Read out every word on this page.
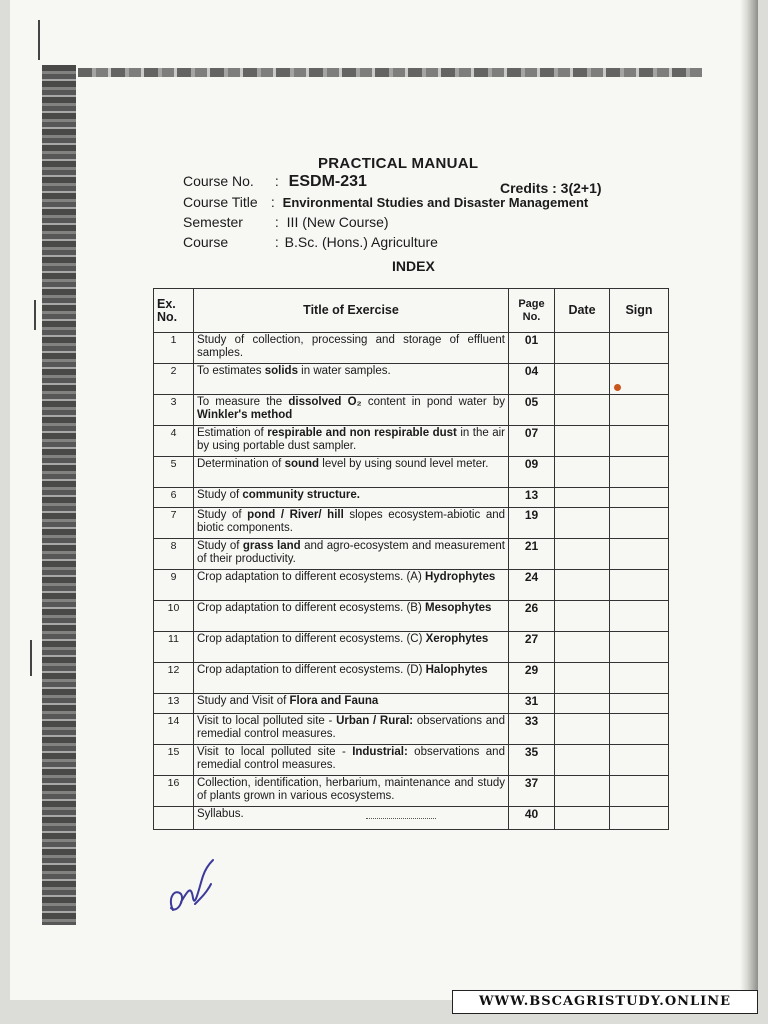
PRACTICAL MANUAL
Course No. : ESDM-231	Credits : 3(2+1)
Course Title : Environmental Studies and Disaster Management
Semester : III (New Course)
Course	: B.Sc. (Hons.) Agriculture
INDEX
Ex. No.	Title of Exercise	Page No.	Date	Sign
1	Study of collection, processing and storage of effluent samples.	01		
2	To estimates solids in water samples.	04		
3	To measure the dissolved O₂ content in pond water by Winkler's method	05		
4	Estimation of respirable and non respirable dust in the air by using portable dust sampler.	07		
5	Determination of sound level by using sound level meter.	09		
6	Study of community structure.	13		
7	Study of pond / River/ hill slopes ecosystem-abiotic and biotic components.	19		
8	Study of grass land and agro-ecosystem and measurement of their productivity.	21		
9	Crop adaptation to different ecosystems. (A) Hydrophytes	24		
10	Crop adaptation to different ecosystems. (B) Mesophytes	26		
11	Crop adaptation to different ecosystems. (C) Xerophytes	27		
12	Crop adaptation to different ecosystems. (D) Halophytes	29		
13	Study and Visit of Flora and Fauna	31		
14	Visit to local polluted site - Urban / Rural: observations and remedial control measures.	33		
15	Visit to local polluted site - Industrial: observations and remedial control measures.	35		
16	Collection, identification, herbarium, maintenance and study of plants grown in various ecosystems.	37		
	Syllabus.	40		
WWW.BSCAGRISTUDY.ONLINE
